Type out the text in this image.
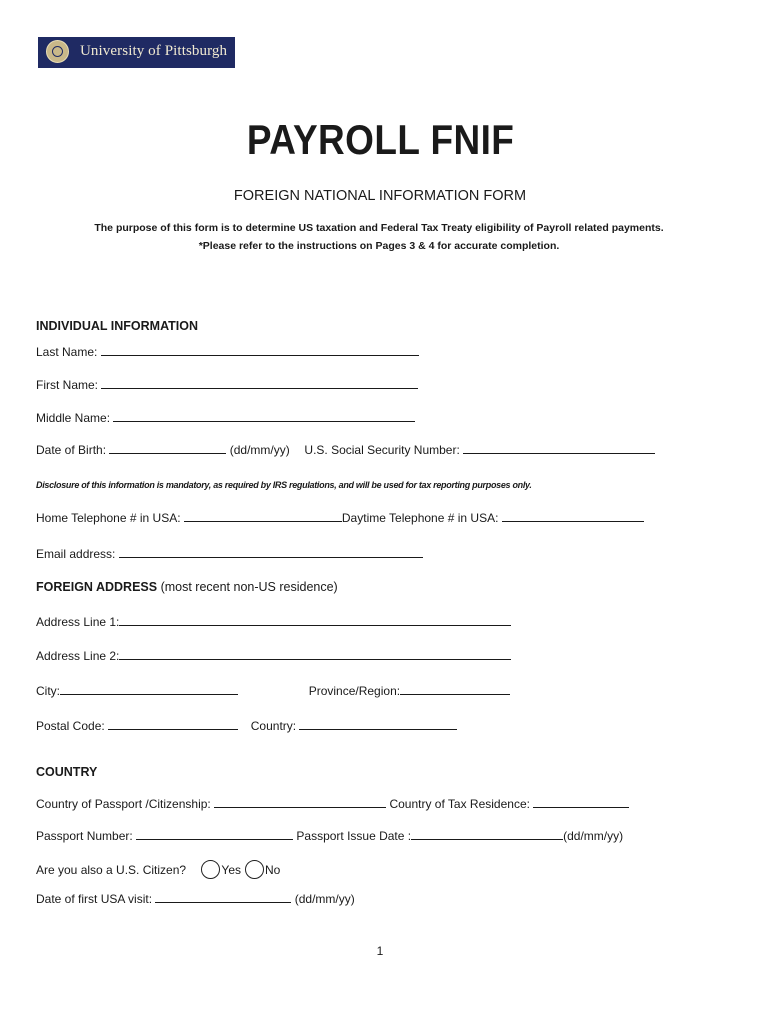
University of Pittsburgh
PAYROLL FNIF
FOREIGN NATIONAL INFORMATION FORM
The purpose of this form is to determine US taxation and Federal Tax Treaty eligibility of Payroll related payments.
*Please refer to the instructions on Pages 3 & 4 for accurate completion.
INDIVIDUAL INFORMATION
Last Name:
First Name:
Middle Name:
Date of Birth:	(dd/mm/yy) U.S. Social Security Number:
Disclosure of this information is mandatory, as required by IRS regulations, and will be used for tax reporting purposes only.
Home Telephone # in USA:	Daytime Telephone # in USA:
Email address:
FOREIGN ADDRESS (most recent non-US residence)
Address Line 1:
Address Line 2:
City:	Province/Region:
Postal Code:	Country:
COUNTRY
Country of Passport /Citizenship:	Country of Tax Residence:
Passport Number:	Passport Issue Date :	(dd/mm/yy)
Are you also a U.S. Citizen?	Yes No
Date of first USA visit:	(dd/mm/yy)
1
